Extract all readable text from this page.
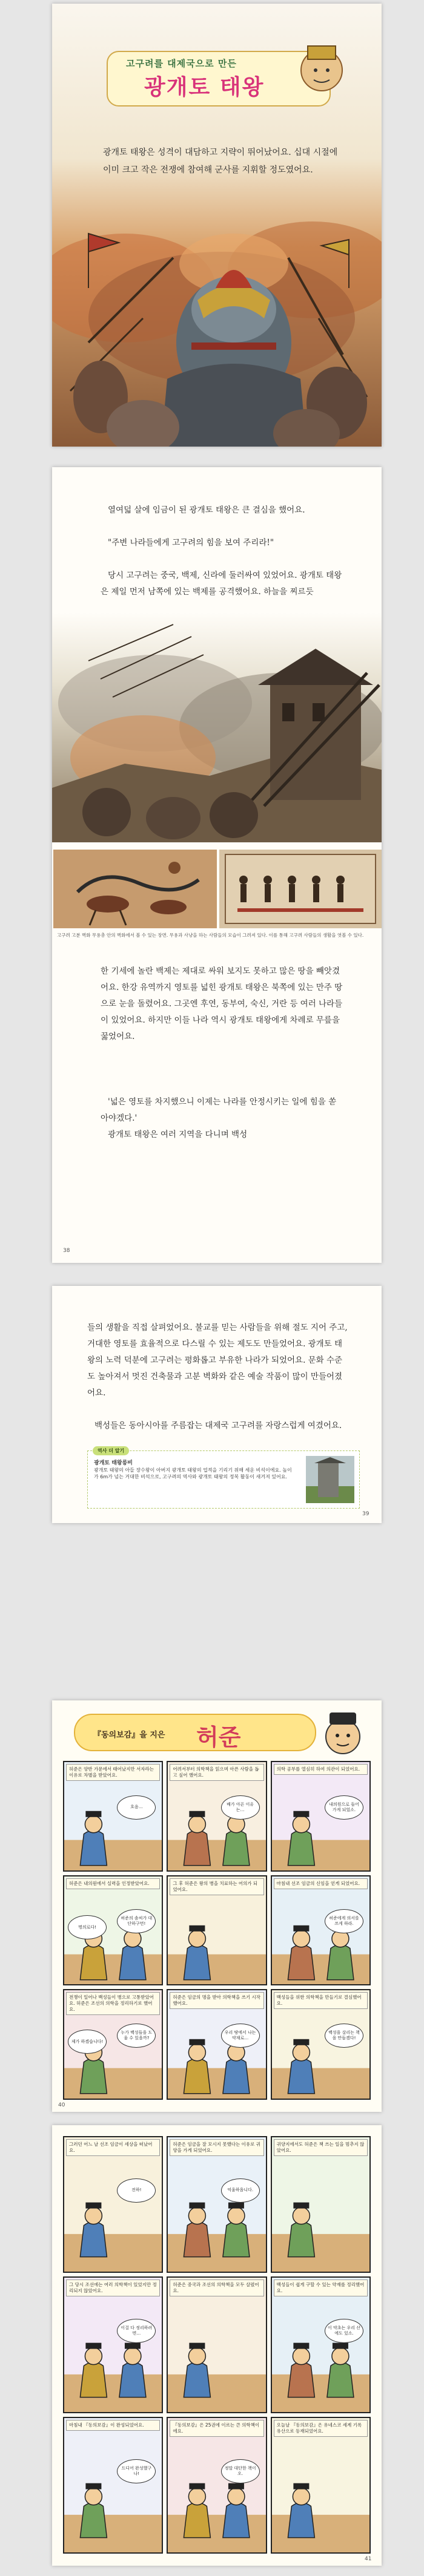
고구려를 대제국으로 만든
광개토 태왕
광개토 태왕은 성격이 대담하고 지략이 뛰어났어요. 십대 시절에 이미 크고 작은 전쟁에 참여해 군사를 지휘할 정도였어요.
열여덟 살에 임금이 된 광개토 태왕은 큰 결심을 했어요.
"주변 나라들에게 고구려의 힘을 보여 주리라!"
당시 고구려는 중국, 백제, 신라에 둘러싸여 있었어요. 광개토 태왕은 제일 먼저 남쪽에 있는 백제를 공격했어요. 하늘을 찌르듯
고구려 고분 벽화 무용총 안의 벽화에서 볼 수 있는 장면. 무용과 사냥을 하는 사람들의 모습이 그려져 있다. 이를 통해 고구려 사람들의 생활을 엿볼 수 있다.
한 기세에 놀란 백제는 제대로 싸워 보지도 못하고 많은 땅을 빼앗겼어요. 한강 유역까지 영토를 넓힌 광개토 태왕은 북쪽에 있는 만주 땅으로 눈을 돌렸어요. 그곳엔 후연, 동부여, 숙신, 거란 등 여러 나라들이 있었어요. 하지만 이들 나라 역시 광개토 태왕에게 차례로 무릎을 꿇었어요.
'넓은 영토를 차지했으니 이제는 나라를 안정시키는 일에 힘을 쏟아야겠다.'
광개토 태왕은 여러 지역을 다니며 백성
38
들의 생활을 직접 살펴었어요. 불교를 믿는 사람들을 위해 절도 지어 주고, 거대한 영토를 효율적으로 다스릴 수 있는 제도도 만들었어요. 광개토 태왕의 노력 덕분에 고구려는 평화롭고 부유한 나라가 되었어요. 문화 수준도 높아져서 멋진 건축물과 고분 벽화와 같은 예술 작품이 많이 만들어졌어요.
백성들은 동아시아를 주름잡는 대제국 고구려를 자랑스럽게 여겼어요.
역사 더 알기
광개토 태왕릉비
광개토 태왕의 아들 장수왕이 아버지 광개토 태왕의 업적을 기리기 위해 세운 비석이에요. 높이가 6m가 넘는 거대한 비석으로, 고구려의 역사와 광개토 태왕의 정복 활동이 새겨져 있어요.
39
『동의보감』을 지은 허준
허준은 양반 가문에서 태어났지만 서자라는 이유로 차별을 받았어요.
흐음…
어려서부터 의학책을 읽으며 아픈 사람을 돕고 싶어 했어요.
배가 아픈 이유는…
의학 공부를 열심히 하여 의관이 되었어요.
내의원으로 들어가게 되었소.
허준은 내의원에서 실력을 인정받았어요.
허준의 솜씨가 대단하구먼!
명의로다!
그 후 허준은 왕의 병을 치료하는 어의가 되었어요.
마침내 선조 임금의 신임을 얻게 되었어요.
허준에게 의서를 쓰게 하라.
전쟁이 일어나 백성들이 병으로 고통받았어요. 허준은 조선의 의학을 정리하기로 했어요.
누가 백성들을 도울 수 있을까?
제가 하겠습니다!
허준은 임금의 명을 받아 의학책을 쓰기 시작했어요.
우리 땅에서 나는 약재로…
백성들을 위한 의학책을 만들기로 결심했어요.
백성을 살리는 책을 만들겠다!
40
그러던 어느 날 선조 임금이 세상을 떠났어요.
전하!
허준은 임금을 잘 모시지 못했다는 이유로 귀양을 가게 되었어요.
억울하옵니다.
귀양지에서도 허준은 책 쓰는 일을 멈추지 않았어요.
그 당시 조선에는 여러 의학책이 있었지만 정리되지 않았어요.
이걸 다 정리하려면…
허준은 중국과 조선의 의학책을 모두 살폈어요.
백성들이 쉽게 구할 수 있는 약재를 정리했어요.
이 약초는 우리 산에도 있소.
마침내 『동의보감』이 완성되었어요.
드디어 완성했구나!
『동의보감』은 25권에 이르는 큰 의학책이에요.
정말 대단한 책이오.
오늘날 『동의보감』은 유네스코 세계 기록 유산으로 등재되었어요.
41
